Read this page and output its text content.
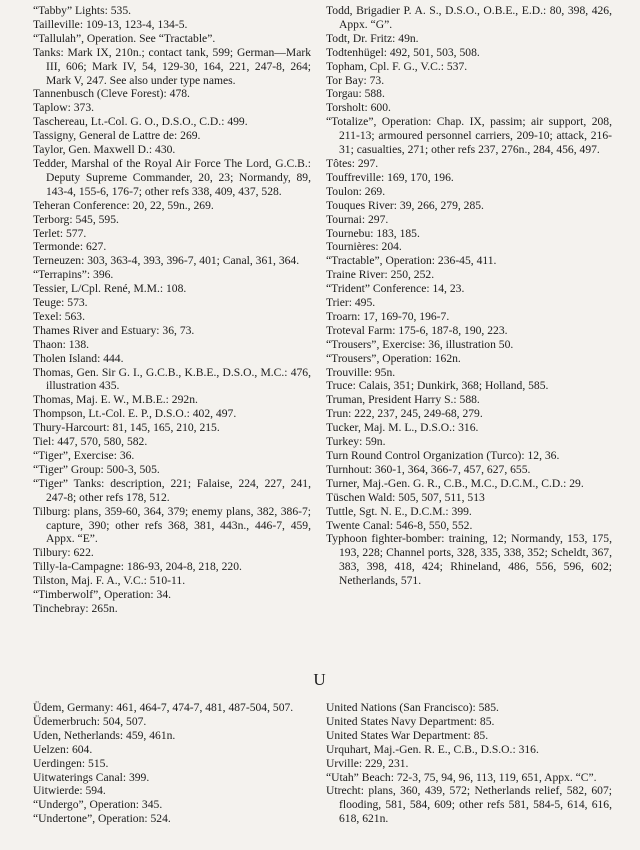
“Tabby” Lights: 535.

Tailleville: 109-13, 123-4, 134-5.

“Tallulah”, Operation. See “Tractable”.

Tanks: Mark IX, 210n.; contact tank, 599; German—Mark III, 606; Mark IV, 54, 129-30, 164, 221, 247-8, 264; Mark V, 247. See also under type names.

Tannenbusch (Cleve Forest): 478.

Taplow: 373.

Taschereau, Lt.-Col. G. O., D.S.O., C.D.: 499.

Tassigny, General de Lattre de: 269.

Taylor, Gen. Maxwell D.: 430.

Tedder, Marshal of the Royal Air Force The Lord, G.C.B.: Deputy Supreme Commander, 20, 23; Normandy, 89, 143-4, 155-6, 176-7; other refs 338, 409, 437, 528.

Teheran Conference: 20, 22, 59n., 269.

Terborg: 545, 595.

Terlet: 577.

Termonde: 627.

Terneuzen: 303, 363-4, 393, 396-7, 401; Canal, 361, 364.

“Terrapins”: 396.

Tessier, L/Cpl. René, M.M.: 108.

Teuge: 573.

Texel: 563.

Thames River and Estuary: 36, 73.

Thaon: 138.

Tholen Island: 444.

Thomas, Gen. Sir G. I., G.C.B., K.B.E., D.S.O., M.C.: 476, illustration 435.

Thomas, Maj. E. W., M.B.E.: 292n.

Thompson, Lt.-Col. E. P., D.S.O.: 402, 497.

Thury-Harcourt: 81, 145, 165, 210, 215.

Tiel: 447, 570, 580, 582.

“Tiger”, Exercise: 36.

“Tiger” Group: 500-3, 505.

“Tiger” Tanks: description, 221; Falaise, 224, 227, 241, 247-8; other refs 178, 512.

Tilburg: plans, 359-60, 364, 379; enemy plans, 382, 386-7; capture, 390; other refs 368, 381, 443n., 446-7, 459, Appx. “E”.

Tilbury: 622.

Tilly-la-Campagne: 186-93, 204-8, 218, 220.

Tilston, Maj. F. A., V.C.: 510-11.

“Timberwolf”, Operation: 34.

Tinchebray: 265n.

Todd, Brigadier P. A. S., D.S.O., O.B.E., E.D.: 80, 398, 426, Appx. “G”.

Todt, Dr. Fritz: 49n.

Todtenhügel: 492, 501, 503, 508.

Topham, Cpl. F. G., V.C.: 537.

Tor Bay: 73.

Torgau: 588.

Torsholt: 600.

“Totalize”, Operation: Chap. IX, passim; air support, 208, 211-13; armoured personnel carriers, 209-10; attack, 216-31; casualties, 271; other refs 237, 276n., 284, 456, 497.

Tôtes: 297.

Touffreville: 169, 170, 196.

Toulon: 269.

Touques River: 39, 266, 279, 285.

Tournai: 297.

Tournebu: 183, 185.

Tournières: 204.

“Tractable”, Operation: 236-45, 411.

Traine River: 250, 252.

“Trident” Conference: 14, 23.

Trier: 495.

Troarn: 17, 169-70, 196-7.

Troteval Farm: 175-6, 187-8, 190, 223.

“Trousers”, Exercise: 36, illustration 50.

“Trousers”, Operation: 162n.

Trouville: 95n.

Truce: Calais, 351; Dunkirk, 368; Holland, 585.

Truman, President Harry S.: 588.

Trun: 222, 237, 245, 249-68, 279.

Tucker, Maj. M. L., D.S.O.: 316.

Turkey: 59n.

Turn Round Control Organization (Turco): 12, 36.

Turnhout: 360-1, 364, 366-7, 457, 627, 655.

Turner, Maj.-Gen. G. R., C.B., M.C., D.C.M., C.D.: 29.

Tüschen Wald: 505, 507, 511, 513

Tuttle, Sgt. N. E., D.C.M.: 399.

Twente Canal: 546-8, 550, 552.

Typhoon fighter-bomber: training, 12; Normandy, 153, 175, 193, 228; Channel ports, 328, 335, 338, 352; Scheldt, 367, 383, 398, 418, 424; Rhineland, 486, 556, 596, 602; Netherlands, 571.

U

Üdem, Germany: 461, 464-7, 474-7, 481, 487-504, 507.

Üdemerbruch: 504, 507.

Uden, Netherlands: 459, 461n.

Uelzen: 604.

Uerdingen: 515.

Uitwaterings Canal: 399.

Uitwierde: 594.

“Undergo”, Operation: 345.

“Undertone”, Operation: 524.

United Nations (San Francisco): 585.

United States Navy Department: 85.

United States War Department: 85.

Urquhart, Maj.-Gen. R. E., C.B., D.S.O.: 316.

Urville: 229, 231.

“Utah” Beach: 72-3, 75, 94, 96, 113, 119, 651, Appx. “C”.

Utrecht: plans, 360, 439, 572; Netherlands relief, 582, 607; flooding, 581, 584, 609; other refs 581, 584-5, 614, 616, 618, 621n.
